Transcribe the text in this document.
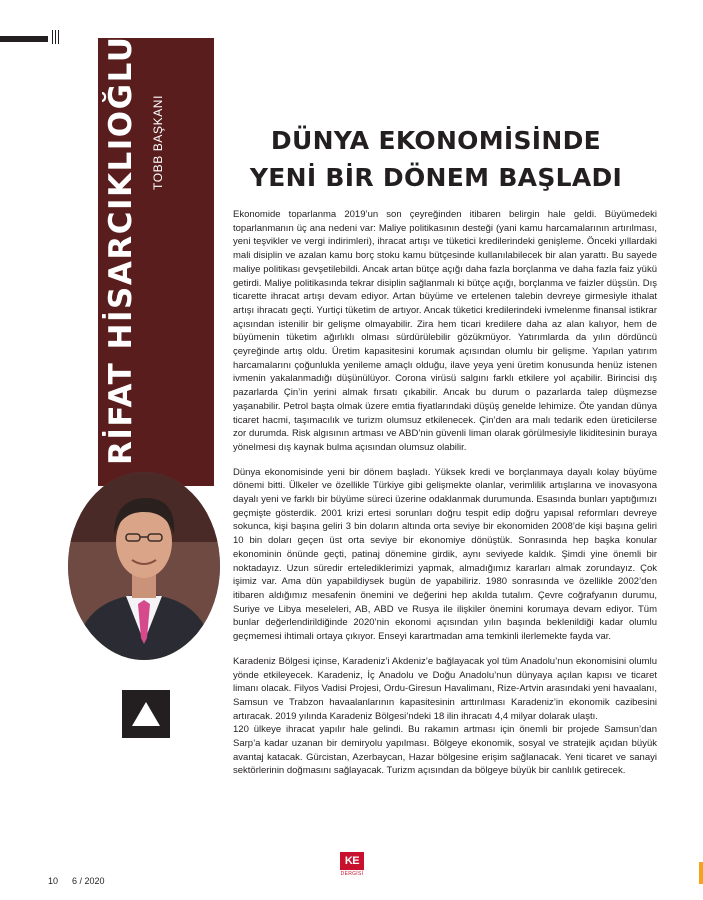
RİFAT HİSARCIKLIOĞLU TOBB BAŞKANI	DÜNYA EKONOMİSİNDE
YENİ BİR DÖNEM BAŞLADI

Ekonomide toparlanma 2019’un son çeyreğinden itibaren belirgin hale geldi. Büyümedeki toparlanmanın üç ana nedeni var: Maliye politikasının desteği (yani kamu harcamalarının artırılması, yeni teşvikler ve vergi indirimleri), ihracat artışı ve tüketici kredilerindeki genişleme. Önceki yıllardaki mali disiplin ve azalan kamu borç stoku kamu bütçesinde kullanılabilecek bir alan yarattı. Bu sayede maliye politikası gevşetilebildi. Ancak artan bütçe açığı daha fazla borçlanma ve daha fazla faiz yükü getirdi. Maliye politikasında tekrar disiplin sağlanmalı ki bütçe açığı, borçlanma ve faizler düşsün. Dış ticarette ihracat artışı devam ediyor. Artan büyüme ve ertelenen talebin devreye girmesiyle ithalat artışı ihracatı geçti. Yurtiçi tüketim de artıyor. Ancak tüketici kredilerindeki ivmelenme finansal istikrar açısından istenilir bir gelişme olmayabilir. Zira hem ticari kredilere daha az alan kalıyor, hem de büyümenin tüketim ağırlıklı olması sürdürülebilir gözükmüyor. Yatırımlarda da yılın dördüncü çeyreğinde artış oldu. Üretim kapasitesini korumak açısından olumlu bir gelişme. Yapılan yatırım harcamalarını çoğunlukla yenileme amaçlı olduğu, ilave yeya yeni üretim konusunda henüz istenen ivmenin yakalanmadığı düşünülüyor. Corona virüsü salgını farklı etkilere yol açabilir. Birincisi dış pazarlarda Çin’in yerini almak fırsatı çıkabilir. Ancak bu durum o pazarlarda talep düşmezse yaşanabilir. Petrol başta olmak üzere emtia fiyatlarındaki düşüş genelde lehimize. Öte yandan dünya ticaret hacmi, taşımacılık ve turizm olumsuz etkilenecek. Çin’den ara malı tedarik eden üreticilerse zor durumda. Risk algısının artması ve ABD’nin güvenli liman olarak görülmesiyle likiditesinin buraya yönelmesi dış kaynak bulma açısından olumsuz olabilir.

Dünya ekonomisinde yeni bir dönem başladı. Yüksek kredi ve borçlanmaya dayalı kolay büyüme dönemi bitti. Ülkeler ve özellikle Türkiye gibi gelişmekte olanlar, verimlilik artışlarına ve inovasyona dayalı yeni ve farklı bir büyüme süreci üzerine odaklanmak durumunda. Esasında bunları yaptığımızı geçmişte gösterdik. 2001 krizi ertesi sorunları doğru tespit edip doğru yapısal reformları devreye sokunca, kişi başına geliri 3 bin doların altında orta seviye bir ekonomiden 2008’de kişi başına geliri 10 bin doları geçen üst orta seviye bir ekonomiye dönüştük. Sonrasında hep başka konular ekonominin önünde geçti, patinaj dönemine girdik, aynı seviyede kaldık. Şimdi yine önemli bir noktadayız. Uzun süredir ertelediklerimizi yapmak, almadığımız kararları almak zorundayız. Çok işimiz var. Ama dün yapabildiysek bugün de yapabiliriz. 1980 sonrasında ve özellikle 2002’den itibaren aldığımız mesafenin önemini ve değerini hep akılda tutalım. Çevre coğrafyanın durumu, Suriye ve Libya meseleleri, AB, ABD ve Rusya ile ilişkiler önemini korumaya devam ediyor. Tüm bunlar değerlendirildiğinde 2020’nin ekonomi açısından yılın başında beklenildiği kadar olumlu geçmemesi ihtimali ortaya çıkıyor. Enseyi karartmadan ama temkinli ilerlemekte fayda var.

Karadeniz Bölgesi içinse, Karadeniz’i Akdeniz’e bağlayacak yol tüm Anadolu’nun ekonomisini olumlu yönde etkileyecek. Karadeniz, İç Anadolu ve Doğu Anadolu’nun dünyaya açılan kapısı ve ticaret limanı olacak. Filyos Vadisi Projesi, Ordu-Giresun Havalimanı, Rize-Artvin arasındaki yeni havaalanı, Samsun ve Trabzon havaalanlarının kapasitesinin arttırılması Karadeniz’in ekonomik cazibesini artıracak. 2019 yılında Karadeniz Bölgesi’ndeki 18 ilin ihracatı 4,4 milyar dolarak ulaştı.
120 ülkeye ihracat yapılır hale gelindi. Bu rakamın artması için önemli bir projede Samsun’dan Sarp’a kadar uzanan bir demiryolu yapılması. Bölgeye ekonomik, sosyal ve stratejik açıdan büyük avantaj katacak. Gürcistan, Azerbaycan, Hazar bölgesine erişim sağlanacak. Yeni ticaret ve sanayi sektörlerinin doğmasını sağlayacak. Turizm açısından da bölgeye büyük bir canlılık getirecek.

10 6 / 2020
KE
DERGİSİ
